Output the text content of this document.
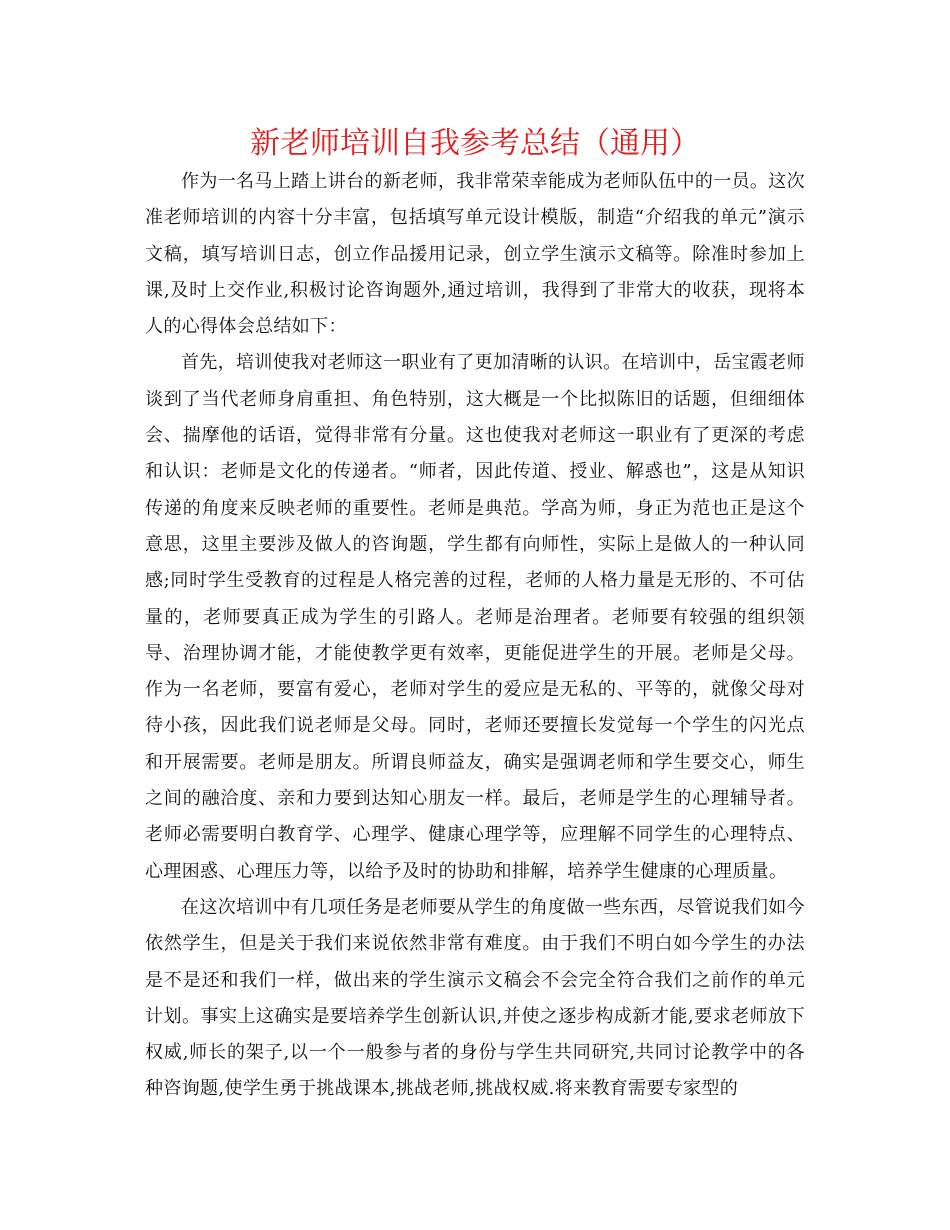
新老师培训自我参考总结（通用）

作为一名马上踏上讲台的新老师，我非常荣幸能成为老师队伍中的一员。这次准老师培训的内容十分丰富，包括填写单元设计模版，制造“介绍我的单元”演示文稿，填写培训日志，创立作品援用记录，创立学生演示文稿等。除准时参加上课,及时上交作业,积极讨论咨询题外,通过培训，我得到了非常大的收获，现将本人的心得体会总结如下：

首先，培训使我对老师这一职业有了更加清晰的认识。在培训中，岳宝霞老师谈到了当代老师身肩重担、角色特别，这大概是一个比拟陈旧的话题，但细细体会、揣摩他的话语，觉得非常有分量。这也使我对老师这一职业有了更深的考虑和认识：老师是文化的传递者。“师者，因此传道、授业、解惑也”，这是从知识传递的角度来反映老师的重要性。老师是典范。学高为师，身正为范也正是这个意思，这里主要涉及做人的咨询题，学生都有向师性，实际上是做人的一种认同感;同时学生受教育的过程是人格完善的过程，老师的人格力量是无形的、不可估量的，老师要真正成为学生的引路人。老师是治理者。老师要有较强的组织领导、治理协调才能，才能使教学更有效率，更能促进学生的开展。老师是父母。作为一名老师，要富有爱心，老师对学生的爱应是无私的、平等的，就像父母对待小孩，因此我们说老师是父母。同时，老师还要擅长发觉每一个学生的闪光点和开展需要。老师是朋友。所谓良师益友，确实是强调老师和学生要交心，师生之间的融洽度、亲和力要到达知心朋友一样。最后，老师是学生的心理辅导者。老师必需要明白教育学、心理学、健康心理学等，应理解不同学生的心理特点、心理困惑、心理压力等，以给予及时的协助和排解，培养学生健康的心理质量。

在这次培训中有几项任务是老师要从学生的角度做一些东西，尽管说我们如今依然学生，但是关于我们来说依然非常有难度。由于我们不明白如今学生的办法是不是还和我们一样，做出来的学生演示文稿会不会完全符合我们之前作的单元计划。事实上这确实是要培养学生创新认识,并使之逐步构成新才能,要求老师放下权威,师长的架子,以一个一般参与者的身份与学生共同研究,共同讨论教学中的各种咨询题,使学生勇于挑战课本,挑战老师,挑战权威.将来教育需要专家型的
